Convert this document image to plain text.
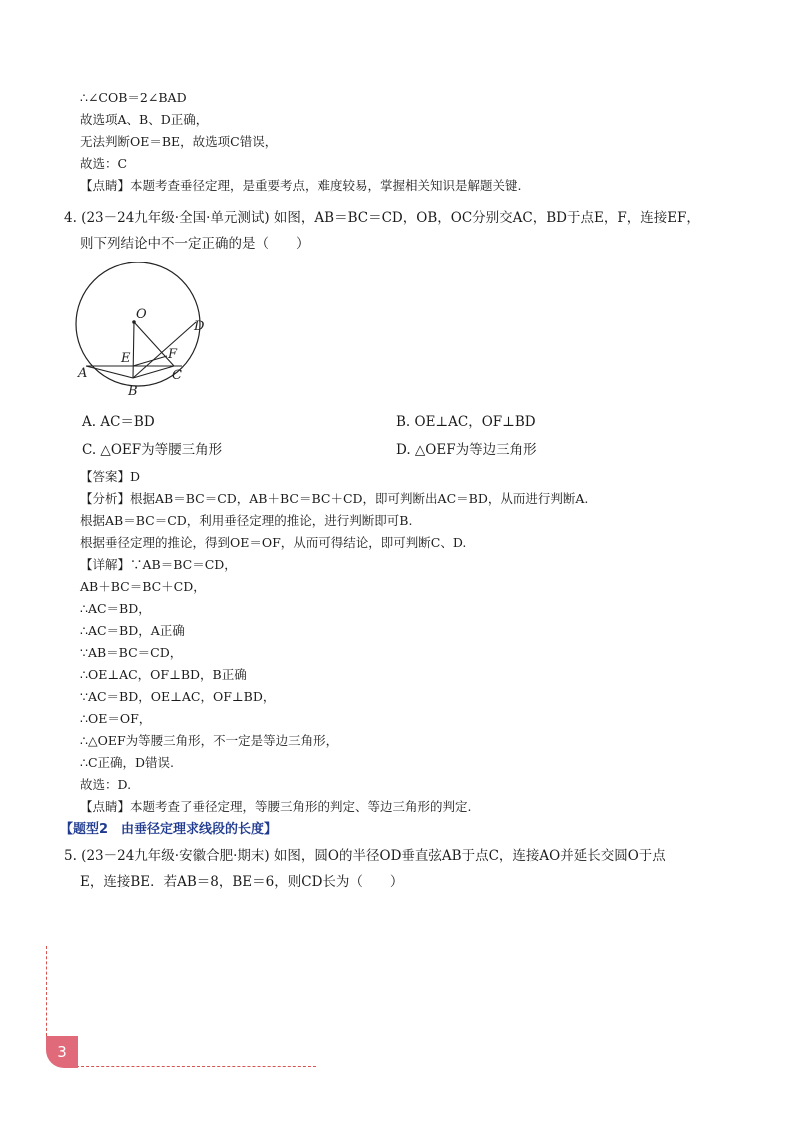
∴∠COB＝2∠BAD
故选项A、B、D正确，
无法判断OE＝BE，故选项C错误，
故选：C
【点睛】本题考查垂径定理，是重要考点，难度较易，掌握相关知识是解题关键.
4. (23－24九年级·全国·单元测试) 如图，AB＝BC＝CD，OB，OC分别交AC，BD于点E，F，连接EF，
则下列结论中不一定正确的是（　　）
O
D
E	F
A	C
B
A. AC＝BD	B. OE⊥AC，OF⊥BD
C. △OEF为等腰三角形	D. △OEF为等边三角形
【答案】D
【分析】根据AB＝BC＝CD，AB＋BC＝BC＋CD，即可判断出AC＝BD，从而进行判断A.
根据AB＝BC＝CD，利用垂径定理的推论，进行判断即可B.
根据垂径定理的推论，得到OE＝OF，从而可得结论，即可判断C、D.
【详解】∵AB＝BC＝CD，
AB＋BC＝BC＋CD，
∴AC＝BD，
∴AC＝BD，A正确
∵AB＝BC＝CD，
∴OE⊥AC，OF⊥BD，B正确
∵AC＝BD，OE⊥AC，OF⊥BD，
∴OE＝OF，
∴△OEF为等腰三角形，不一定是等边三角形，
∴C正确，D错误.
故选：D.
【点睛】本题考查了垂径定理，等腰三角形的判定、等边三角形的判定.
【题型2　由垂径定理求线段的长度】
5. (23－24九年级·安徽合肥·期末) 如图，圆O的半径OD垂直弦AB于点C，连接AO并延长交圆O于点
E，连接BE．若AB＝8，BE＝6，则CD长为（　　）
3
